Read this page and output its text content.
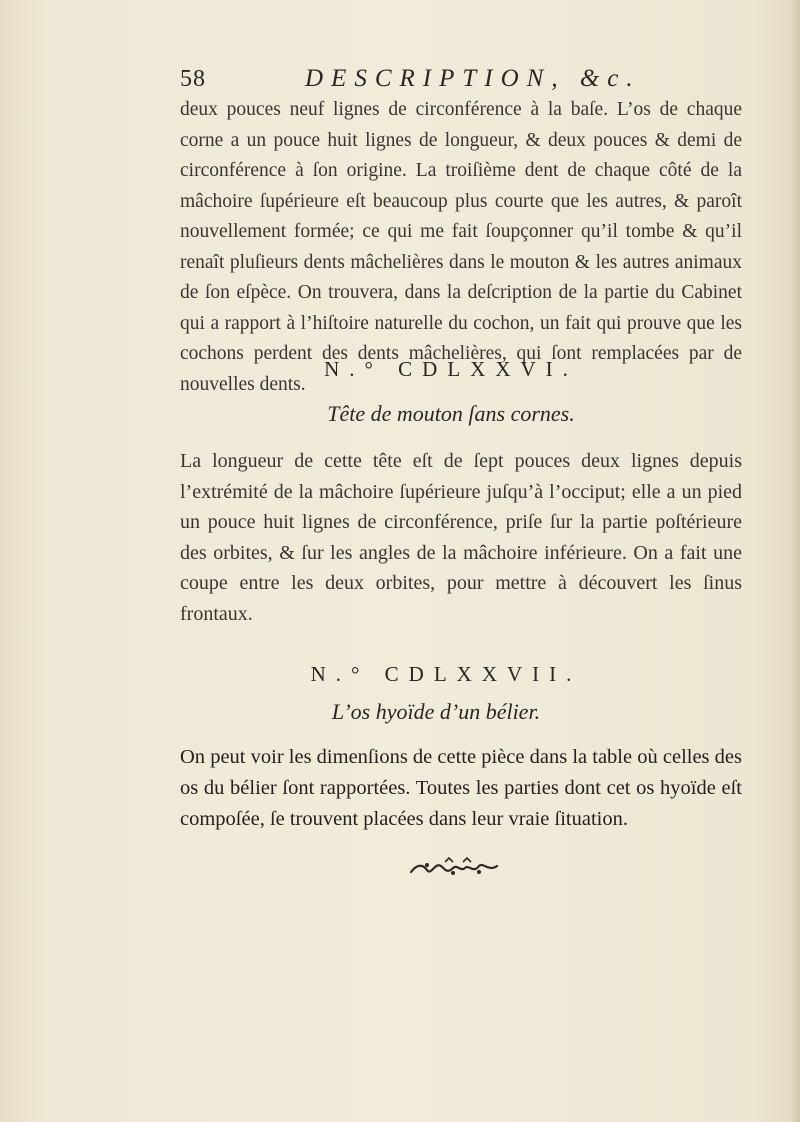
58	DESCRIPTION, &c.

deux pouces neuf lignes de circonférence à la baſe. L’os de chaque corne a un pouce huit lignes de longueur, & deux pouces & demi de circonférence à ſon origine. La troiſième dent de chaque côté de la mâchoire ſupérieure eſt beaucoup plus courte que les autres, & paroît nouvellement formée; ce qui me fait ſoupçonner qu’il tombe & qu’il renaît pluſieurs dents mâchelières dans le mouton & les autres animaux de ſon eſpèce. On trouvera, dans la deſcription de la partie du Cabinet qui a rapport à l’hiſtoire naturelle du cochon, un fait qui prouve que les cochons perdent des dents mâchelières, qui ſont remplacées par de nouvelles dents.

N.° CDLXXVI.
Tête de mouton ſans cornes.

La longueur de cette tête eſt de ſept pouces deux lignes depuis l’extrémité de la mâchoire ſupérieure juſqu’à l’occiput; elle a un pied un pouce huit lignes de circonférence, priſe ſur la partie poſtérieure des orbites, & ſur les angles de la mâchoire inférieure. On a fait une coupe entre les deux orbites, pour mettre à découvert les ſinus frontaux.

N.° CDLXXVII.
L’os hyoïde d’un bélier.

On peut voir les dimenſions de cette pièce dans la table où celles des os du bélier ſont rapportées. Toutes les parties dont cet os hyoïde eſt compoſée, ſe trouvent placées dans leur vraie ſituation.
